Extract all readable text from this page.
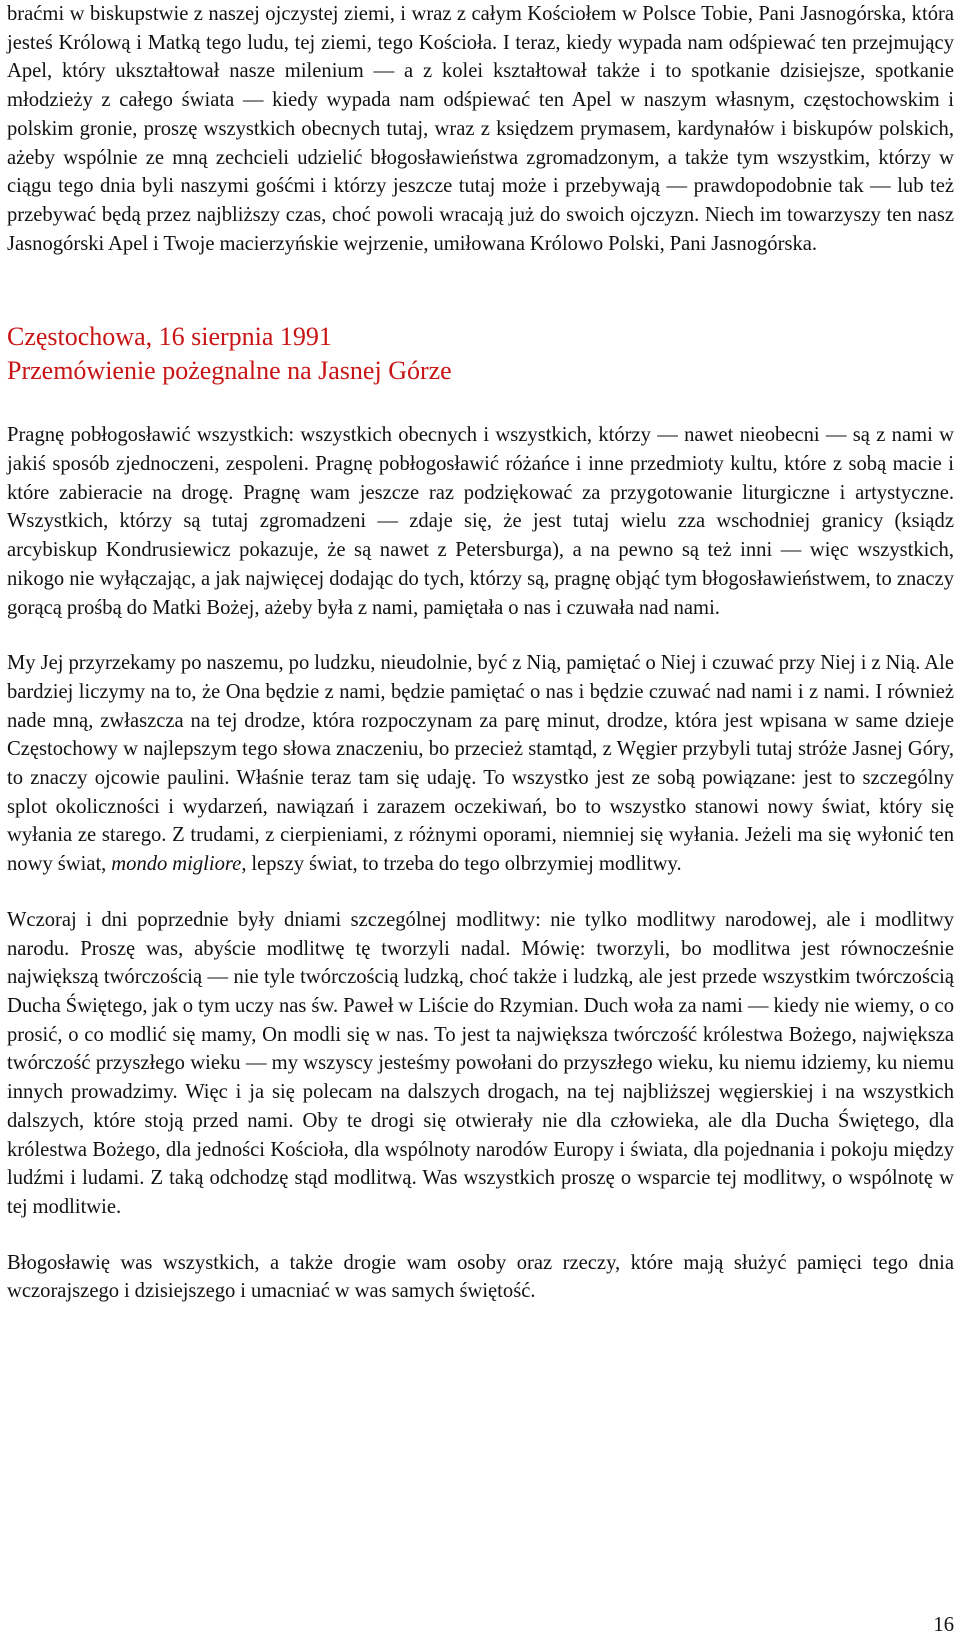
braćmi w biskupstwie z naszej ojczystej ziemi, i wraz z całym Kościołem w Polsce Tobie, Pani Jasnogórska, która jesteś Królową i Matką tego ludu, tej ziemi, tego Kościoła. I teraz, kiedy wypada nam odśpiewać ten przejmujący Apel, który ukształtował nasze milenium — a z kolei kształtował także i to spotkanie dzisiejsze, spotkanie młodzieży z całego świata — kiedy wypada nam odśpiewać ten Apel w naszym własnym, częstochowskim i polskim gronie, proszę wszystkich obecnych tutaj, wraz z księdzem prymasem, kardynałów i biskupów polskich, ażeby wspólnie ze mną zechcieli udzielić błogosławieństwa zgromadzonym, a także tym wszystkim, którzy w ciągu tego dnia byli naszymi gośćmi i którzy jeszcze tutaj może i przebywają — prawdopodobnie tak — lub też przebywać będą przez najbliższy czas, choć powoli wracają już do swoich ojczyzn. Niech im towarzyszy ten nasz Jasnogórski Apel i Twoje macierzyńskie wejrzenie, umiłowana Królowo Polski, Pani Jasnogórska.

Częstochowa, 16 sierpnia 1991
Przemówienie pożegnalne na Jasnej Górze

Pragnę pobłogosławić wszystkich: wszystkich obecnych i wszystkich, którzy — nawet nieobecni — są z nami w jakiś sposób zjednoczeni, zespoleni. Pragnę pobłogosławić różańce i inne przedmioty kultu, które z sobą macie i które zabieracie na drogę. Pragnę wam jeszcze raz podziękować za przygotowanie liturgiczne i artystyczne. Wszystkich, którzy są tutaj zgromadzeni — zdaje się, że jest tutaj wielu zza wschodniej granicy (ksiądz arcybiskup Kondrusiewicz pokazuje, że są nawet z Petersburga), a na pewno są też inni — więc wszystkich, nikogo nie wyłączając, a jak najwięcej dodając do tych, którzy są, pragnę objąć tym błogosławieństwem, to znaczy gorącą prośbą do Matki Bożej, ażeby była z nami, pamiętała o nas i czuwała nad nami.

My Jej przyrzekamy po naszemu, po ludzku, nieudolnie, być z Nią, pamiętać o Niej i czuwać przy Niej i z Nią. Ale bardziej liczymy na to, że Ona będzie z nami, będzie pamiętać o nas i będzie czuwać nad nami i z nami. I również nade mną, zwłaszcza na tej drodze, która rozpoczynam za parę minut, drodze, która jest wpisana w same dzieje Częstochowy w najlepszym tego słowa znaczeniu, bo przecież stamtąd, z Węgier przybyli tutaj stróże Jasnej Góry, to znaczy ojcowie paulini. Właśnie teraz tam się udaję. To wszystko jest ze sobą powiązane: jest to szczególny splot okoliczności i wydarzeń, nawiązań i zarazem oczekiwań, bo to wszystko stanowi nowy świat, który się wyłania ze starego. Z trudami, z cierpieniami, z różnymi oporami, niemniej się wyłania. Jeżeli ma się wyłonić ten nowy świat, mondo migliore, lepszy świat, to trzeba do tego olbrzymiej modlitwy.

Wczoraj i dni poprzednie były dniami szczególnej modlitwy: nie tylko modlitwy narodowej, ale i modlitwy narodu. Proszę was, abyście modlitwę tę tworzyli nadal. Mówię: tworzyli, bo modlitwa jest równocześnie największą twórczością — nie tyle twórczością ludzką, choć także i ludzką, ale jest przede wszystkim twórczością Ducha Świętego, jak o tym uczy nas św. Paweł w Liście do Rzymian. Duch woła za nami — kiedy nie wiemy, o co prosić, o co modlić się mamy, On modli się w nas. To jest ta największa twórczość królestwa Bożego, największa twórczość przyszłego wieku — my wszyscy jesteśmy powołani do przyszłego wieku, ku niemu idziemy, ku niemu innych prowadzimy. Więc i ja się polecam na dalszych drogach, na tej najbliższej węgierskiej i na wszystkich dalszych, które stoją przed nami. Oby te drogi się otwierały nie dla człowieka, ale dla Ducha Świętego, dla królestwa Bożego, dla jedności Kościoła, dla wspólnoty narodów Europy i świata, dla pojednania i pokoju między ludźmi i ludami. Z taką odchodzę stąd modlitwą. Was wszystkich proszę o wsparcie tej modlitwy, o wspólnotę w tej modlitwie.

Błogosławię was wszystkich, a także drogie wam osoby oraz rzeczy, które mają służyć pamięci tego dnia wczorajszego i dzisiejszego i umacniać w was samych świętość.

16
